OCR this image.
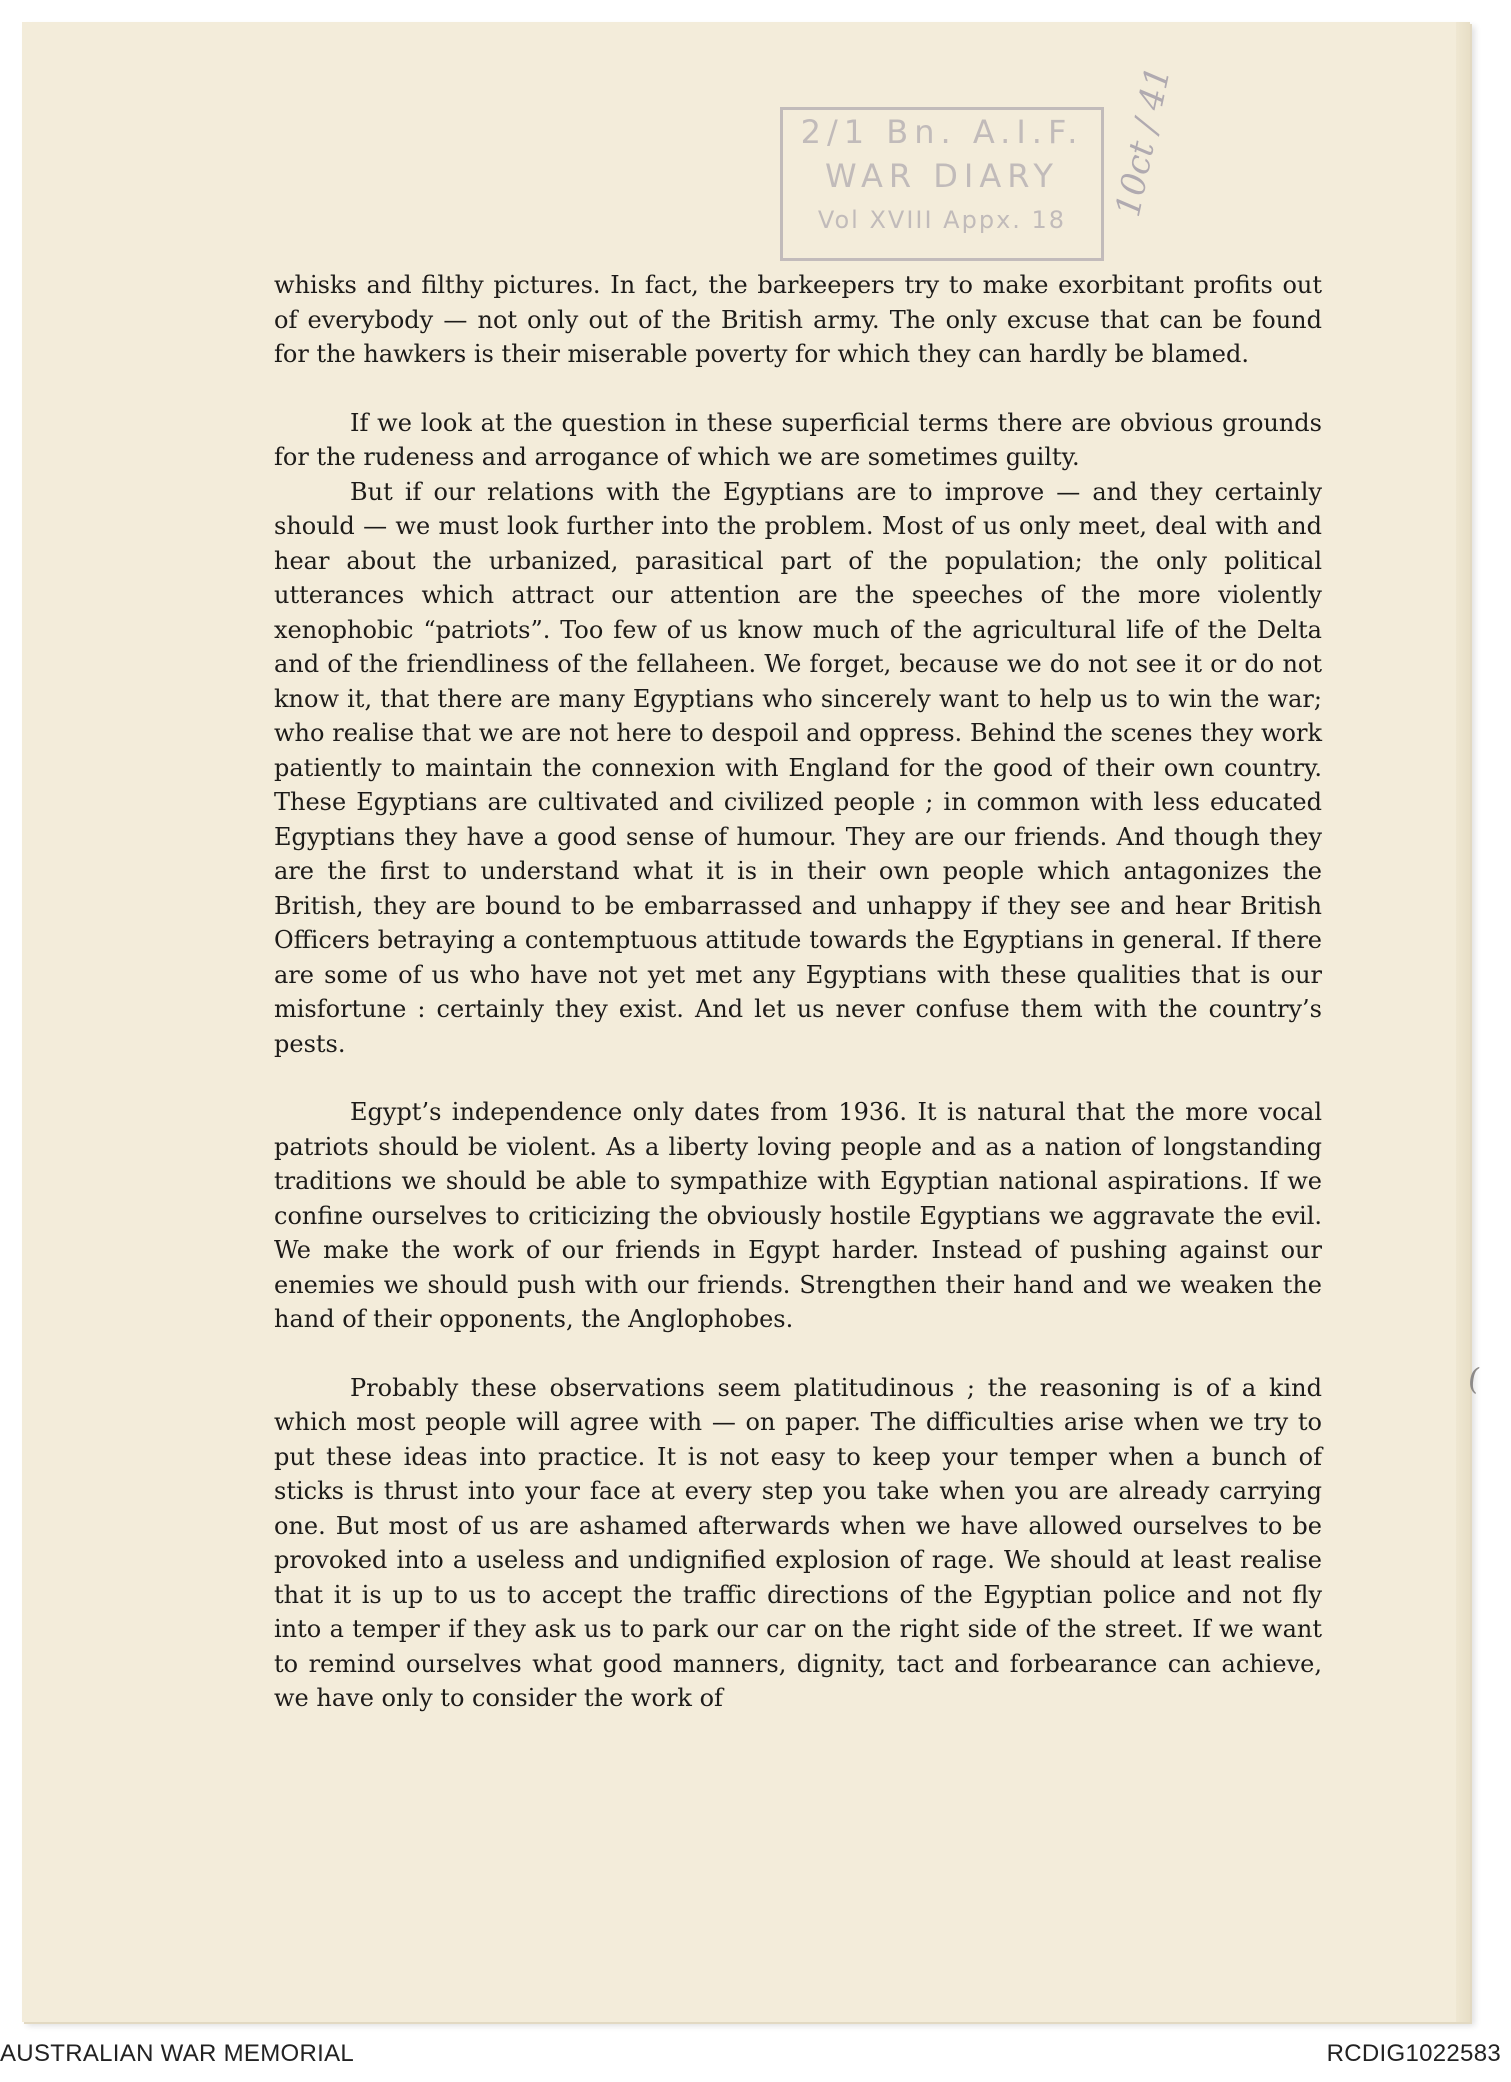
2/1 Bn. A.I.F.
WAR DIARY
Vol XVIII Appx. 18	10ct / 41
(

whisks and filthy pictures. In fact, the barkeepers try to make exorbitant profits out of everybody — not only out of the British army. The only excuse that can be found for the hawkers is their miserable poverty for which they can hardly be blamed.

If we look at the question in these superficial terms there are obvious grounds for the rudeness and arrogance of which we are sometimes guilty.

But if our relations with the Egyptians are to improve — and they certainly should — we must look further into the problem. Most of us only meet, deal with and hear about the urbanized, parasitical part of the population; the only political utterances which attract our attention are the speeches of the more violently xenophobic “patriots”. Too few of us know much of the agricultural life of the Delta and of the friendliness of the fellaheen. We forget, because we do not see it or do not know it, that there are many Egyptians who sincerely want to help us to win the war; who realise that we are not here to despoil and oppress. Behind the scenes they work patiently to maintain the connexion with England for the good of their own country. These Egyptians are cultivated and civilized people ; in common with less educated Egyptians they have a good sense of humour. They are our friends. And though they are the first to understand what it is in their own people which antagonizes the British, they are bound to be embarrassed and unhappy if they see and hear British Officers betraying a contemptuous attitude towards the Egyptians in general. If there are some of us who have not yet met any Egyptians with these qualities that is our misfortune : certainly they exist. And let us never confuse them with the country’s pests.

Egypt’s independence only dates from 1936. It is natural that the more vocal patriots should be violent. As a liberty loving people and as a nation of longstanding traditions we should be able to sympathize with Egyptian national aspirations. If we confine ourselves to criticizing the obviously hostile Egyptians we aggravate the evil. We make the work of our friends in Egypt harder. Instead of pushing against our enemies we should push with our friends. Strengthen their hand and we weaken the hand of their opponents, the Anglophobes.

Probably these observations seem platitudinous ; the reasoning is of a kind which most people will agree with — on paper. The difficulties arise when we try to put these ideas into practice. It is not easy to keep your temper when a bunch of sticks is thrust into your face at every step you take when you are already carrying one. But most of us are ashamed afterwards when we have allowed ourselves to be provoked into a useless and undignified explosion of rage. We should at least realise that it is up to us to accept the traffic directions of the Egyptian police and not fly into a temper if they ask us to park our car on the right side of the street. If we want to remind ourselves what good manners, dignity, tact and forbearance can achieve, we have only to consider the work of

AUSTRALIAN WAR MEMORIAL	RCDIG1022583
